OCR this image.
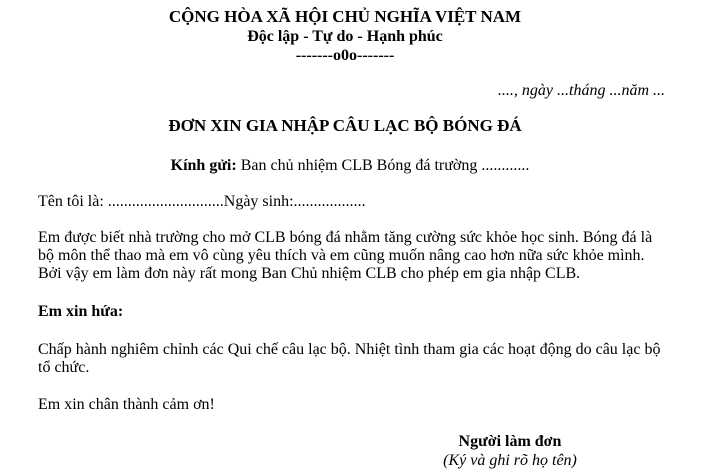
CỘNG HÒA XÃ HỘI CHỦ NGHĨA VIỆT NAM
Độc lập - Tự do - Hạnh phúc
-------o0o-------
...., ngày ...tháng ...năm ...
ĐƠN XIN GIA NHẬP CÂU LẠC BỘ BÓNG ĐÁ
Kính gửi: Ban chủ nhiệm CLB Bóng đá trường ............
Tên tôi là: .............................Ngày sinh:..................
Em được biết nhà trường cho mở CLB bóng đá nhằm tăng cường sức khỏe học sinh. Bóng đá là
bộ môn thể thao mà em vô cùng yêu thích và em cũng muốn nâng cao hơn nữa sức khỏe mình.
Bởi vậy em làm đơn này rất mong Ban Chủ nhiệm CLB cho phép em gia nhập CLB.
Em xin hứa:
Chấp hành nghiêm chỉnh các Qui chế câu lạc bộ. Nhiệt tình tham gia các hoạt động do câu lạc bộ
tổ chức.
Em xin chân thành cảm ơn!
Người làm đơn
(Ký và ghi rõ họ tên)
